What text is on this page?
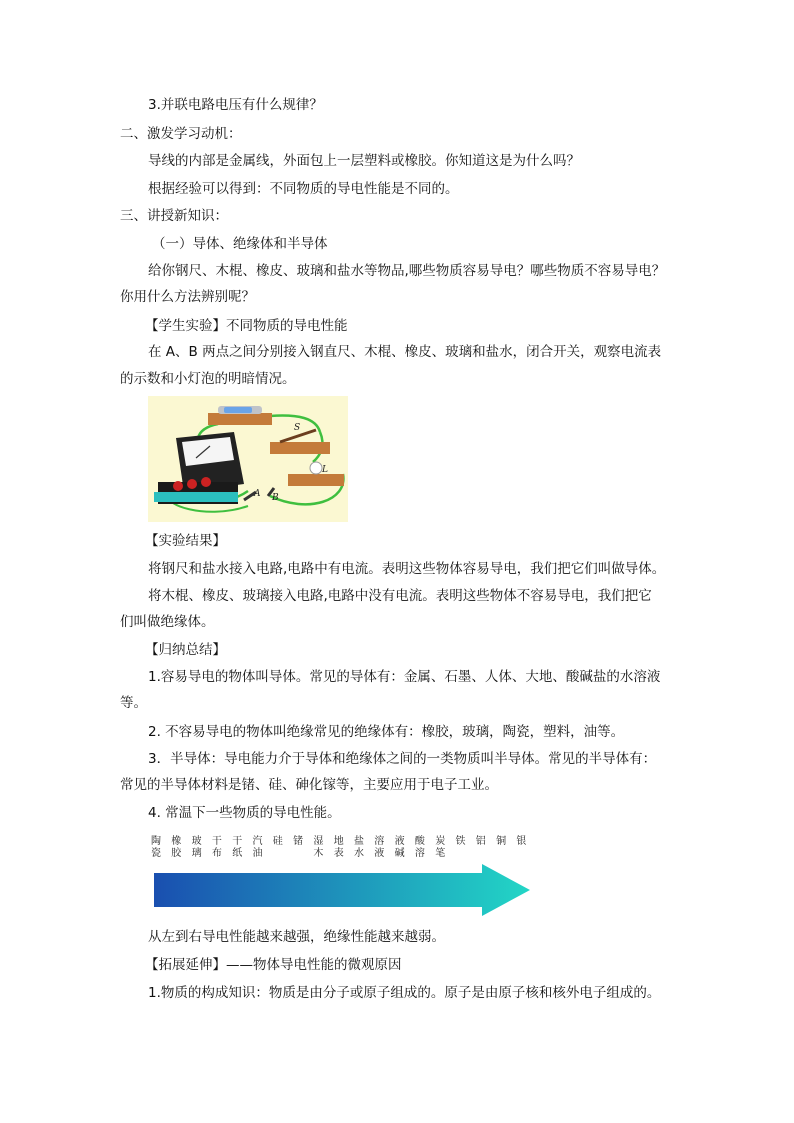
3.并联电路电压有什么规律？
二、激发学习动机：
导线的内部是金属线，外面包上一层塑料或橡胶。你知道这是为什么吗？
根据经验可以得到：不同物质的导电性能是不同的。
三、讲授新知识：
（一）导体、绝缘体和半导体
给你钢尺、木棍、橡皮、玻璃和盐水等物品,哪些物质容易导电？哪些物质不容易导电？
你用什么方法辨别呢？
【学生实验】不同物质的导电性能
在 A、B 两点之间分别接入钢直尺、木棍、橡皮、玻璃和盐水，闭合开关，观察电流表
的示数和小灯泡的明暗情况。
S
L
A B
【实验结果】
将钢尺和盐水接入电路,电路中有电流。表明这些物体容易导电，我们把它们叫做导体。
将木棍、橡皮、玻璃接入电路,电路中没有电流。表明这些物体不容易导电，我们把它
们叫做绝缘体。
【归纳总结】
1.容易导电的物体叫导体。常见的导体有：金属、石墨、人体、大地、酸碱盐的水溶液
等。
2. 不容易导电的物体叫绝缘常见的绝缘体有：橡胶，玻璃，陶瓷，塑料，油等。
3．半导体：导电能力介于导体和绝缘体之间的一类物质叫半导体。常见的半导体有：
常见的半导体材料是锗、硅、砷化镓等，主要应用于电子工业。
4. 常温下一些物质的导电性能。
陶瓷
橡胶
玻璃
干布
干纸
汽油
硅 锗 湿木
地表
盐水
溶液
液碱
酸溶
炭笔
铁 铝 铜 银
从左到右导电性能越来越强，绝缘性能越来越弱。
【拓展延伸】——物体导电性能的微观原因
1.物质的构成知识：物质是由分子或原子组成的。原子是由原子核和核外电子组成的。
